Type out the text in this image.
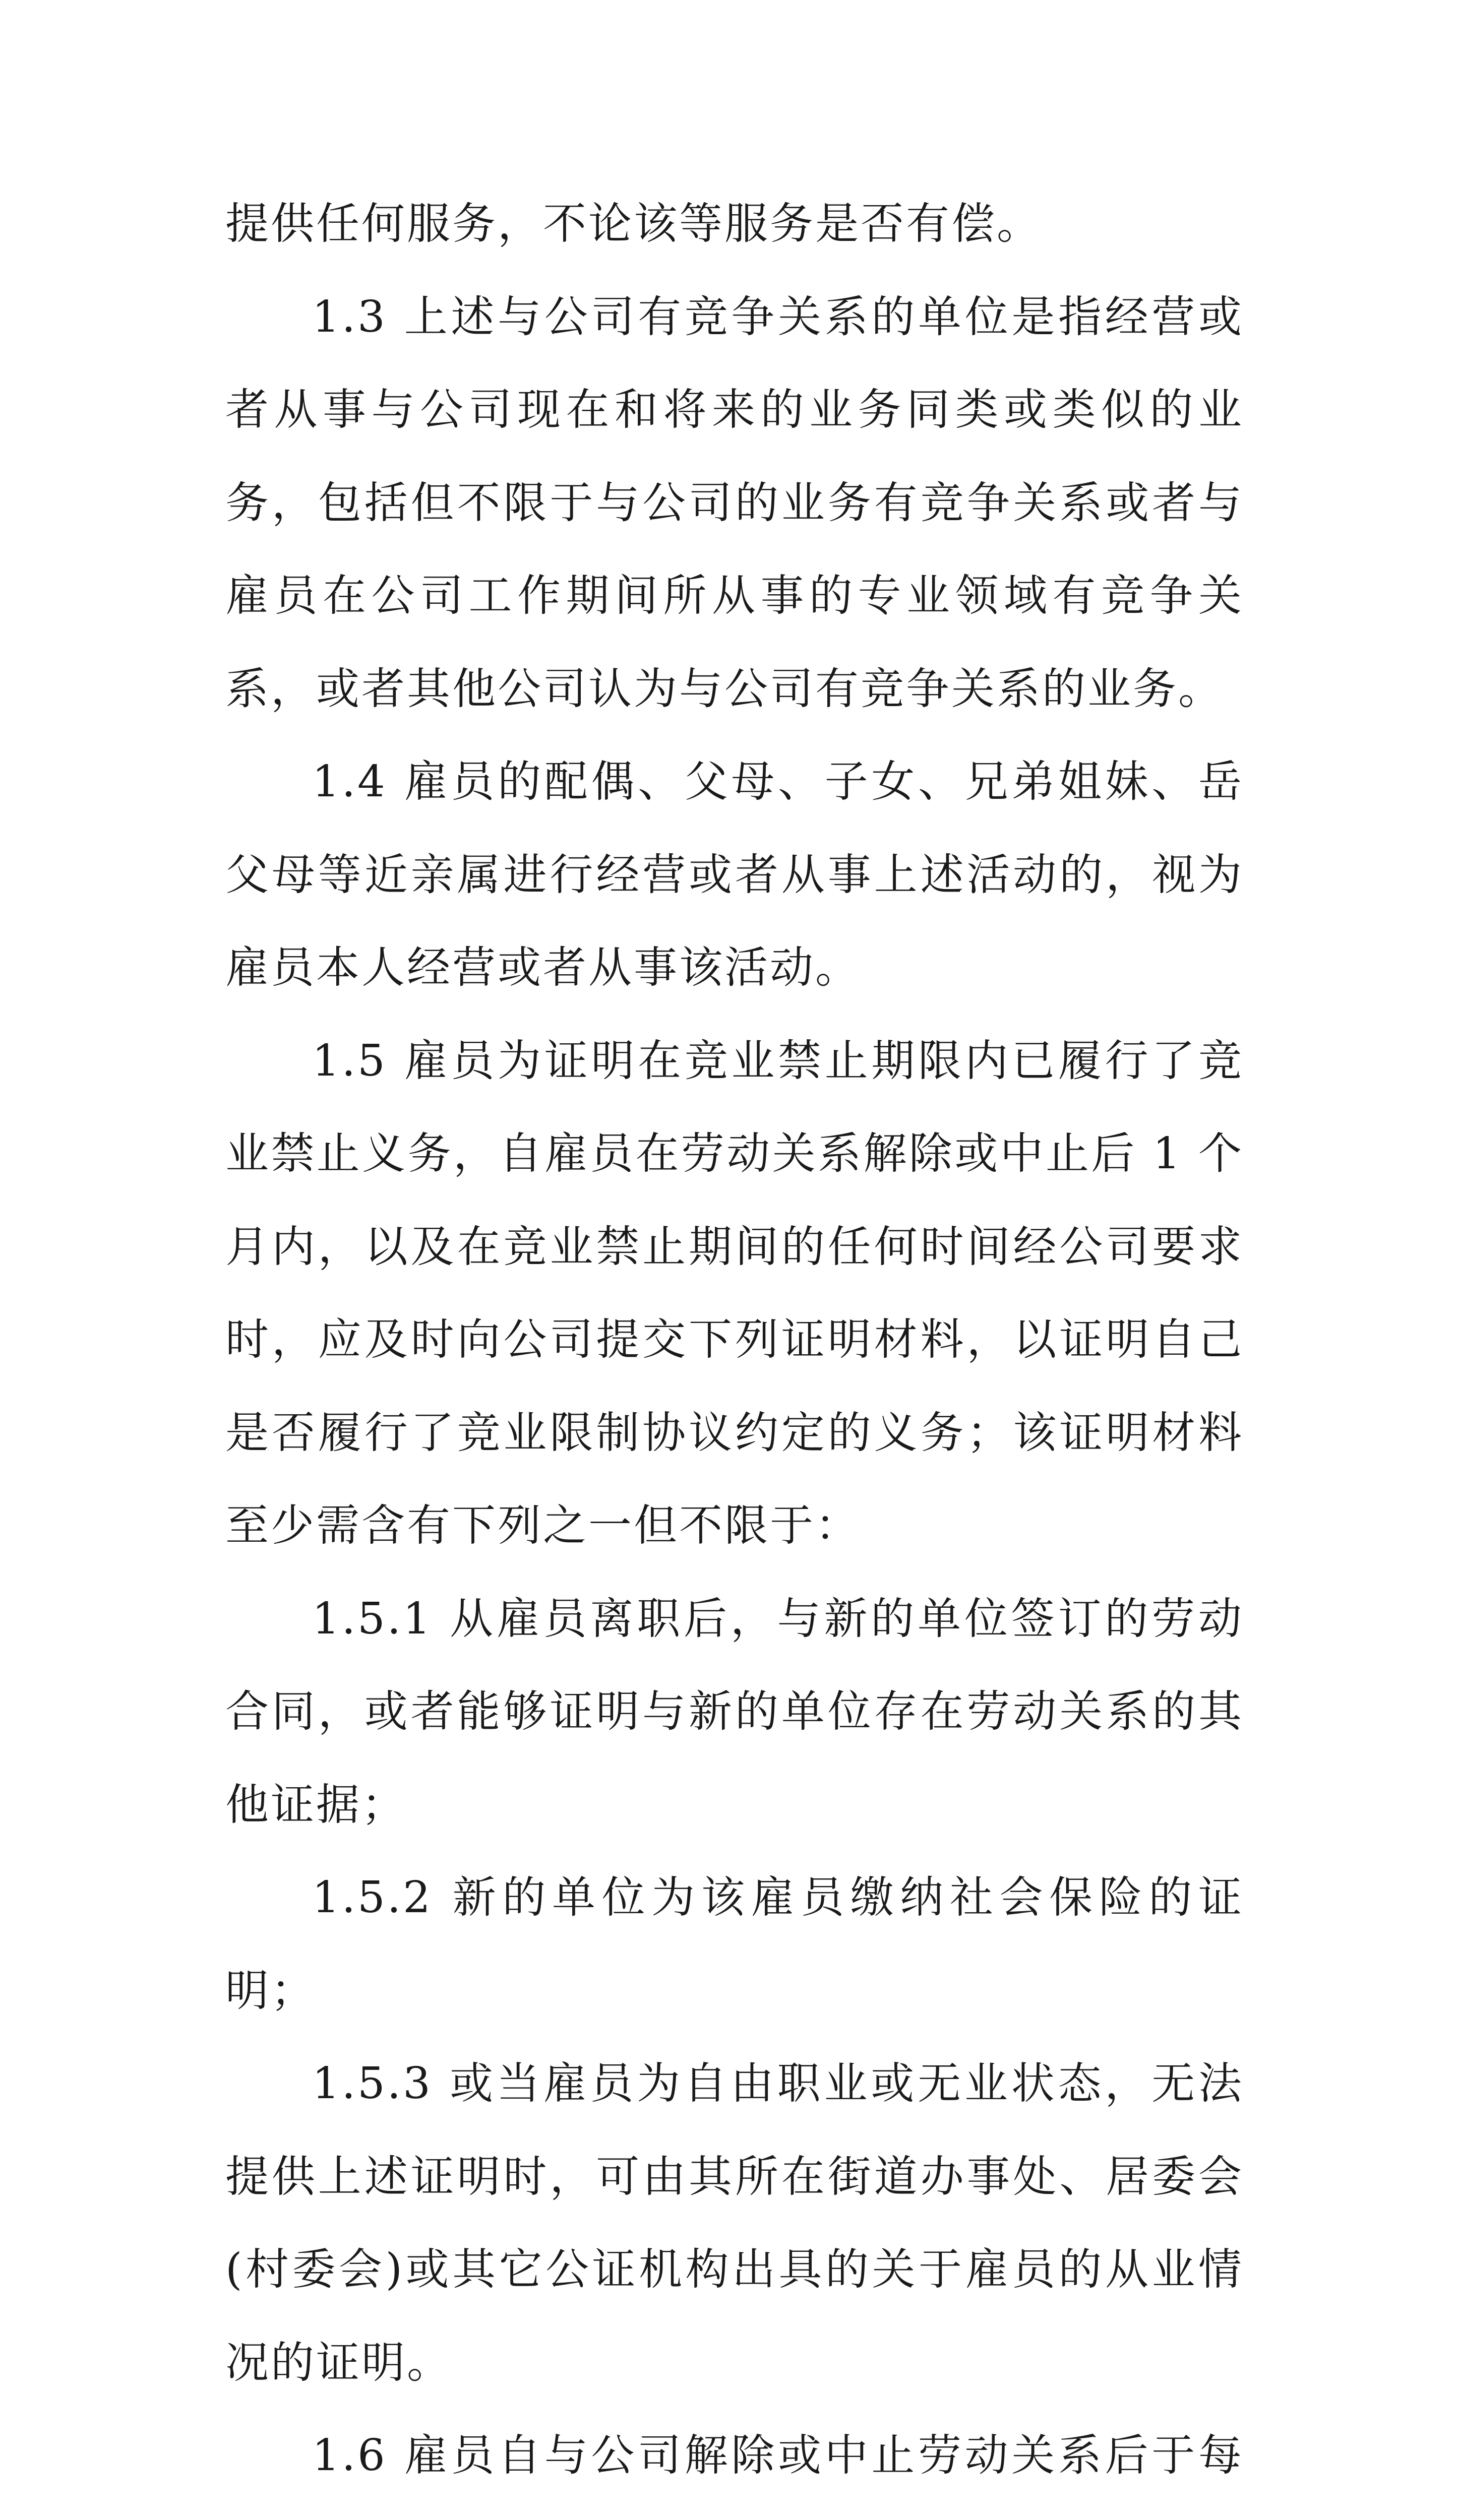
提供任何服务，不论该等服务是否有偿。

1.3 上述与公司有竞争关系的单位是指经营或者从事与公司现在和将来的业务同类或类似的业务，包括但不限于与公司的业务有竞争关系或者与雇员在公司工作期间所从事的专业领域有竞争关系，或者其他公司认为与公司有竞争关系的业务。

1.4 雇员的配偶、父母、子女、兄弟姐妹、岳父母等近亲属进行经营或者从事上述活动的，视为雇员本人经营或者从事该活动。

1.5 雇员为证明在竞业禁止期限内已履行了竞业禁止义务，自雇员在劳动关系解除或中止后 1 个月内，以及在竞业禁止期间的任何时间经公司要求时，应及时向公司提交下列证明材料，以证明自己是否履行了竞业限制协议约定的义务；该证明材料至少需含有下列之一但不限于：

1.5.1 从雇员离职后，与新的单位签订的劳动合同，或者能够证明与新的单位存在劳动关系的其他证据；

1.5.2 新的单位为该雇员缴纳社会保险的证明；

1.5.3 或当雇员为自由职业或无业状态，无法提供上述证明时，可由其所在街道办事处、居委会(村委会)或其它公证机构出具的关于雇员的从业情况的证明。

1.6 雇员自与公司解除或中止劳动关系后于每
